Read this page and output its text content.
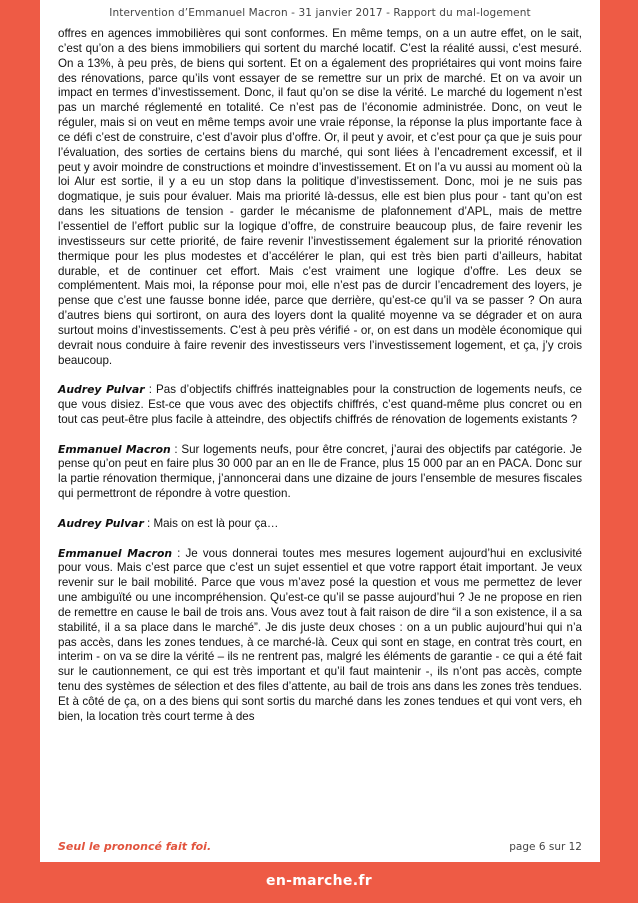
Intervention d’Emmanuel Macron - 31 janvier 2017 - Rapport du mal-logement

offres en agences immobilières qui sont conformes. En même temps, on a un autre effet, on le sait, c’est qu’on a des biens immobiliers qui sortent du marché locatif. C’est la réalité aussi, c’est mesuré. On a 13%, à peu près, de biens qui sortent. Et on a également des propriétaires qui vont moins faire des rénovations, parce qu’ils vont essayer de se remettre sur un prix de marché. Et on va avoir un impact en termes d’investissement. Donc, il faut qu’on se dise la vérité. Le marché du logement n’est pas un marché réglementé en totalité. Ce n’est pas de l’économie administrée. Donc, on veut le réguler, mais si on veut en même temps avoir une vraie réponse, la réponse la plus importante face à ce défi c’est de construire, c’est d’avoir plus d’offre. Or, il peut y avoir, et c’est pour ça que je suis pour l’évaluation, des sorties de certains biens du marché, qui sont liées à l’encadrement excessif, et il peut y avoir moindre de constructions et moindre d’investissement. Et on l’a vu aussi au moment où la loi Alur est sortie, il y a eu un stop dans la politique d’investissement. Donc, moi je ne suis pas dogmatique, je suis pour évaluer. Mais ma priorité là-dessus, elle est bien plus pour - tant qu’on est dans les situations de tension - garder le mécanisme de plafonnement d’APL, mais de mettre l’essentiel de l’effort public sur la logique d’offre, de construire beaucoup plus, de faire revenir les investisseurs sur cette priorité, de faire revenir l’investissement également sur la priorité rénovation thermique pour les plus modestes et d’accélérer le plan, qui est très bien parti d’ailleurs, habitat durable, et de continuer cet effort. Mais c’est vraiment une logique d’offre. Les deux se complémentent. Mais moi, la réponse pour moi, elle n’est pas de durcir l’encadrement des loyers, je pense que c’est une fausse bonne idée, parce que derrière, qu’est-ce qu’il va se passer ? On aura d’autres biens qui sortiront, on aura des loyers dont la qualité moyenne va se dégrader et on aura surtout moins d’investissements. C’est à peu près vérifié - or, on est dans un modèle économique qui devrait nous conduire à faire revenir des investisseurs vers l’investissement logement, et ça, j’y crois beaucoup.

Audrey Pulvar : Pas d’objectifs chiffrés inatteignables pour la construction de logements neufs, ce que vous disiez. Est-ce que vous avec des objectifs chiffrés, c’est quand-même plus concret ou en tout cas peut-être plus facile à atteindre, des objectifs chiffrés de rénovation de logements existants ?

Emmanuel Macron : Sur logements neufs, pour être concret, j’aurai des objectifs par catégorie. Je pense qu’on peut en faire plus 30 000 par an en Ile de France, plus 15 000 par an en PACA. Donc sur la partie rénovation thermique, j’annoncerai dans une dizaine de jours l’ensemble de mesures fiscales qui permettront de répondre à votre question.

Audrey Pulvar : Mais on est là pour ça…

Emmanuel Macron : Je vous donnerai toutes mes mesures logement aujourd’hui en exclusivité pour vous. Mais c’est parce que c’est un sujet essentiel et que votre rapport était important. Je veux revenir sur le bail mobilité. Parce que vous m’avez posé la question et vous me permettez de lever une ambiguïté ou une incompréhension. Qu’est-ce qu’il se passe aujourd’hui ? Je ne propose en rien de remettre en cause le bail de trois ans. Vous avez tout à fait raison de dire “il a son existence, il a sa stabilité, il a sa place dans le marché”. Je dis juste deux choses : on a un public aujourd’hui qui n’a pas accès, dans les zones tendues, à ce marché-là. Ceux qui sont en stage, en contrat très court, en interim - on va se dire la vérité – ils ne rentrent pas, malgré les éléments de garantie - ce qui a été fait sur le cautionnement, ce qui est très important et qu’il faut maintenir -, ils n’ont pas accès, compte tenu des systèmes de sélection et des files d’attente, au bail de trois ans dans les zones très tendues. Et à côté de ça, on a des biens qui sont sortis du marché dans les zones tendues et qui vont vers, eh bien, la location très court terme à des

Seul le prononcé fait foi.	page 6 sur 12
en-marche.fr
